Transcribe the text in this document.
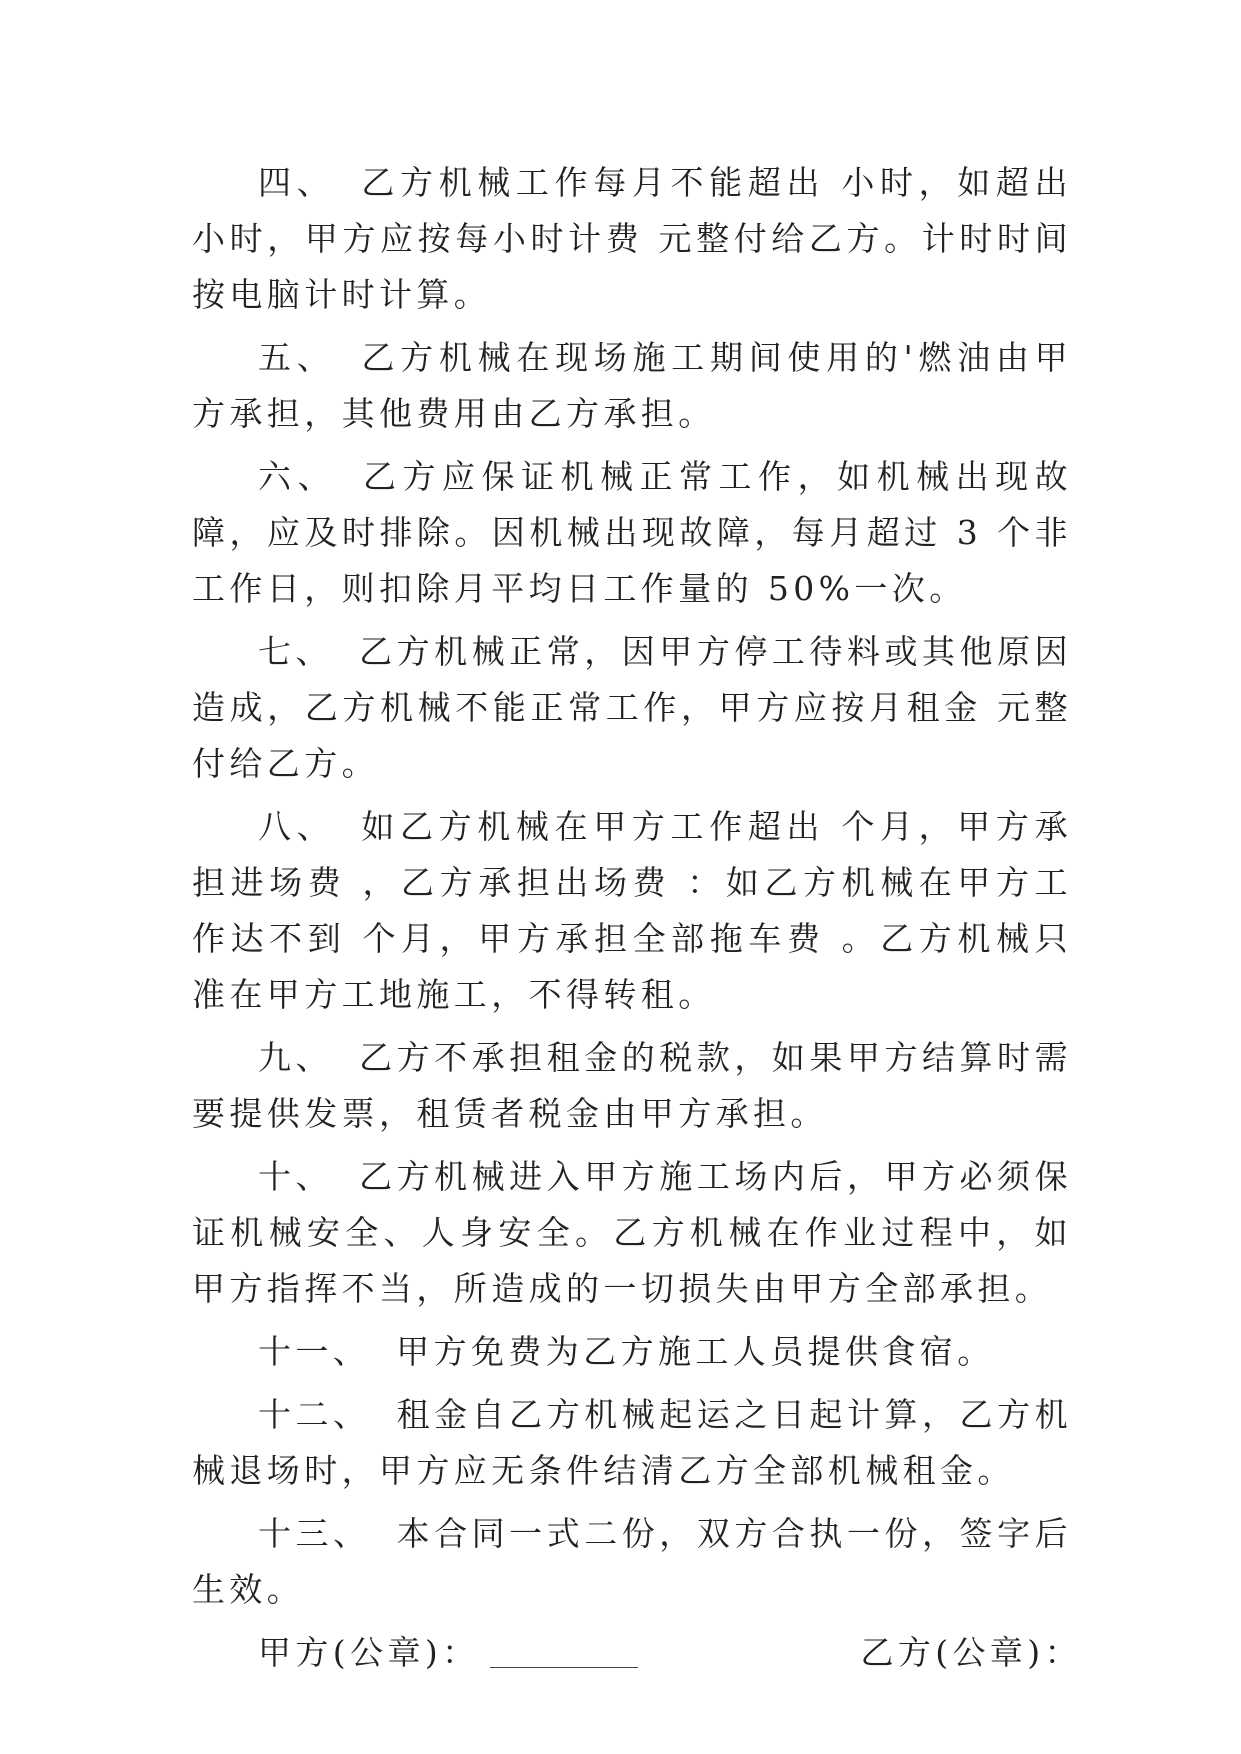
四、 乙方机械工作每月不能超出 小时，如超出 小时，甲方应按每小时计费 元整付给乙方。计时时间按电脑计时计算。

五、 乙方机械在现场施工期间使用的'燃油由甲方承担，其他费用由乙方承担。

六、 乙方应保证机械正常工作，如机械出现故障，应及时排除。因机械出现故障，每月超过 3 个非工作日，则扣除月平均日工作量的 50%一次。

七、 乙方机械正常，因甲方停工待料或其他原因造成，乙方机械不能正常工作，甲方应按月租金 元整付给乙方。

八、 如乙方机械在甲方工作超出 个月，甲方承担进场费 ，乙方承担出场费 ：如乙方机械在甲方工作达不到 个月，甲方承担全部拖车费 。乙方机械只准在甲方工地施工，不得转租。

九、 乙方不承担租金的税款，如果甲方结算时需要提供发票，租赁者税金由甲方承担。

十、 乙方机械进入甲方施工场内后，甲方必须保证机械安全、人身安全。乙方机械在作业过程中，如甲方指挥不当，所造成的一切损失由甲方全部承担。

十一、 甲方免费为乙方施工人员提供食宿。

十二、 租金自乙方机械起运之日起计算，乙方机械退场时，甲方应无条件结清乙方全部机械租金。

十三、 本合同一式二份，双方合执一份，签字后生效。

甲方(公章)：	乙方(公章)：
